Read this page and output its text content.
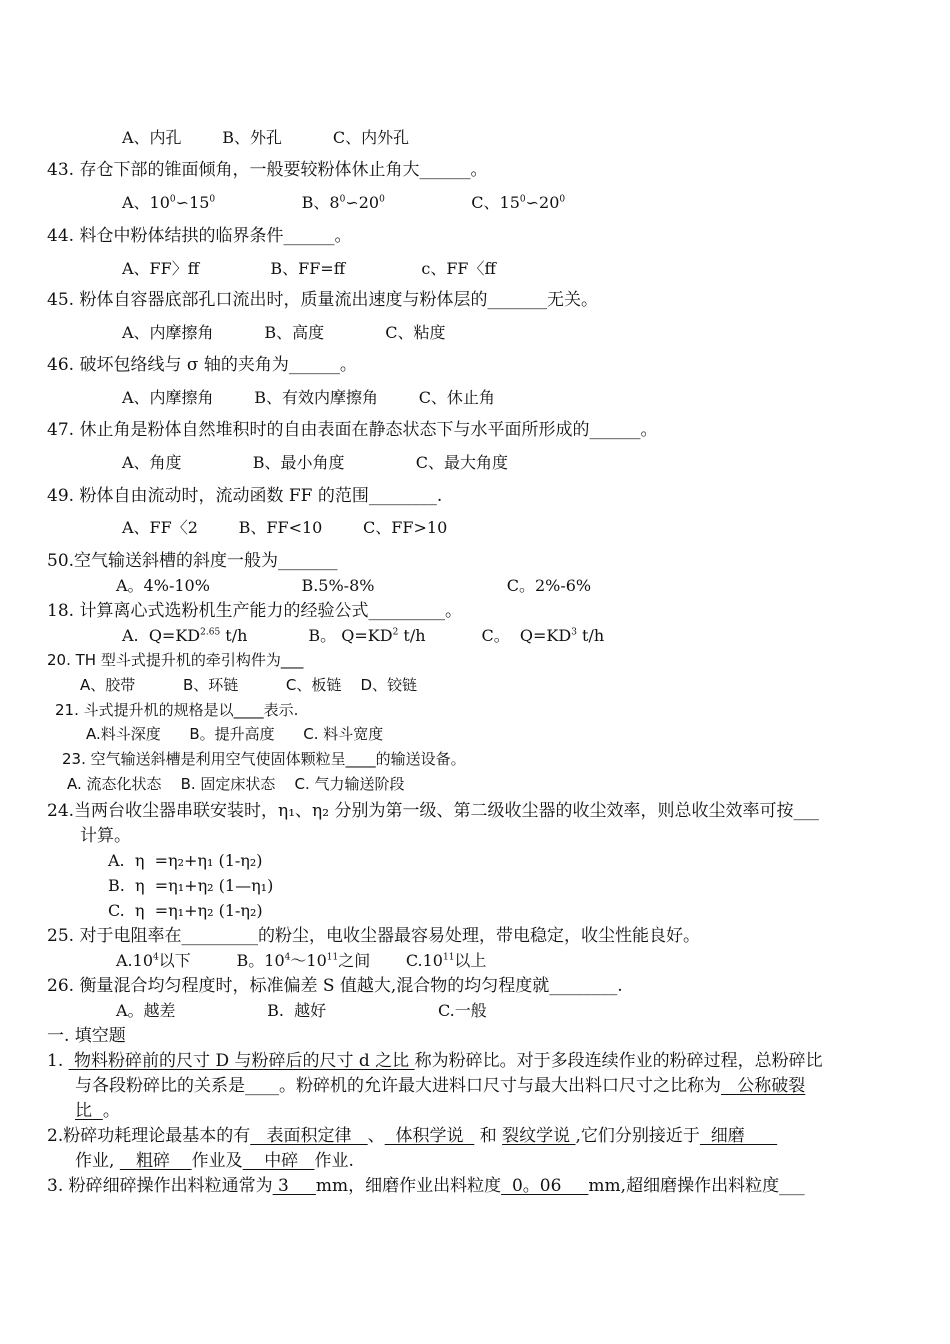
A、内孔        B、外孔          C、内外孔
43. 存仓下部的锥面倾角，一般要较粉体休止角大______。
A、$10^0∽15^0$	B、$8^0∽20^0$	C、$15^0∽20^0$
44. 料仓中粉体结拱的临界条件______。
A、FF〉ff              B、FF=ff               c、FF〈ff
45. 粉体自容器底部孔口流出时，质量流出速度与粉体层的_______无关。
A、内摩擦角          B、高度            C、粘度
46. 破坏包络线与 σ 轴的夹角为______。
A、内摩擦角        B、有效内摩擦角        C、休止角
47. 休止角是粉体自然堆积时的自由表面在静态状态下与水平面所形成的______。
A、角度              B、最小角度              C、最大角度
49. 粉体自由流动时，流动函数 FF 的范围________.
A、FF〈2        B、FF<10        C、FF>10
50.空气输送斜槽的斜度一般为_______
A。4%-10%                  B.5%-8%                          C。2%-6%
18. 计算离心式选粉机生产能力的经验公式_________。
A.  $Q=KD^{2.65}$ t/h	B。 $Q=KD^2$ t/h	C。  $Q=KD^3$ t/h
20. TH 型斗式提升机的牵引构件为___
A、胶带          B、环链          C、板链    D、铰链
21. 斗式提升机的规格是以____表示.
A.料斗深度      B。提升高度      C. 料斗宽度
23. 空气输送斜槽是利用空气使固体颗粒呈____的输送设备。
A. 流态化状态    B. 固定床状态    C. 气力输送阶段
24.当两台收尘器串联安装时，η₁、η₂ 分别为第一级、第二级收尘器的收尘效率，则总收尘效率可按___
计算。
A.  η  =η₂+η₁ (1-η₂)
B.  η  =η₁+η₂ (1—η₁)
C.  η  =η₁+η₂ (1-η₂)
25. 对于电阻率在_________的粉尘，电收尘器最容易处理，带电稳定，收尘性能良好。
$A.10^4$以下	B。$10^4\sim 10^{11}$之间 $C.10^{11}$以上
26. 衡量混合均匀程度时，标准偏差 S 值越大,混合物的均匀程度就________.
A。越差                  B.  越好                      C.一般
一. 填空题
1.  物料粉碎前的尺寸 D 与粉碎后的尺寸 d 之比 称为粉碎比。对于多段连续作业的粉碎过程，总粉碎比
与各段粉碎比的关系是____。粉碎机的允许最大进料口尺寸与最大出料口尺寸之比称为   公称破裂
比  。
2.粉碎功耗理论最基本的有   表面积定律   、  体积学说   和 裂纹学说 ,它们分别接近于  细磨
作业,    粗碎    作业及    中碎   作业.
3. 粉碎细碎操作出料粒通常为 3     mm，细磨作业出料粒度  0。06     mm,超细磨操作出料粒度___
